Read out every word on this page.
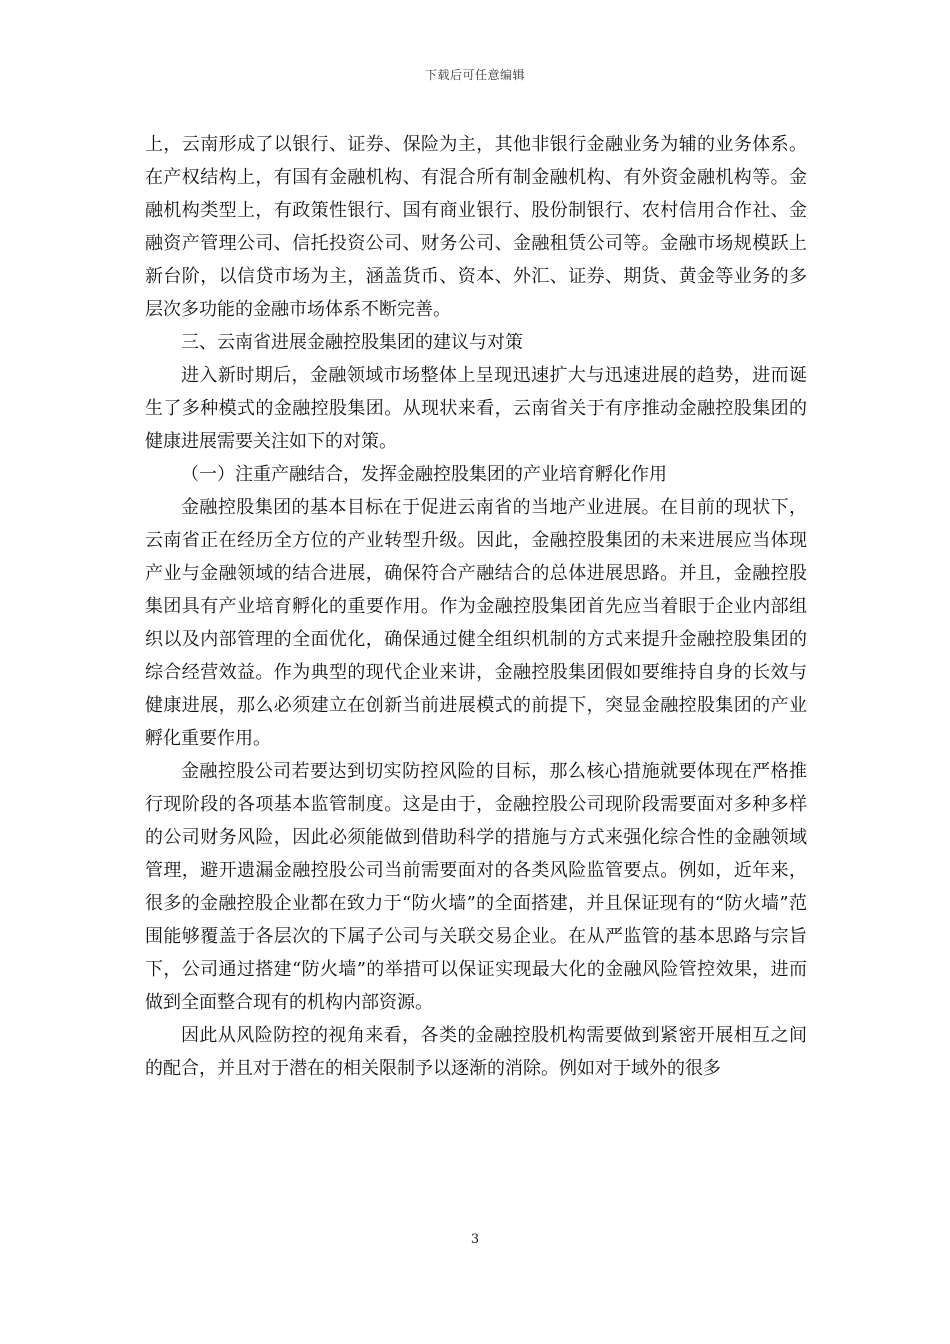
下载后可任意编辑

上，云南形成了以银行、证券、保险为主，其他非银行金融业务为辅的业务体系。在产权结构上，有国有金融机构、有混合所有制金融机构、有外资金融机构等。金融机构类型上，有政策性银行、国有商业银行、股份制银行、农村信用合作社、金融资产管理公司、信托投资公司、财务公司、金融租赁公司等。金融市场规模跃上新台阶，以信贷市场为主，涵盖货币、资本、外汇、证券、期货、黄金等业务的多层次多功能的金融市场体系不断完善。

三、云南省进展金融控股集团的建议与对策

进入新时期后，金融领域市场整体上呈现迅速扩大与迅速进展的趋势，进而诞生了多种模式的金融控股集团。从现状来看，云南省关于有序推动金融控股集团的健康进展需要关注如下的对策。

（一）注重产融结合，发挥金融控股集团的产业培育孵化作用

金融控股集团的基本目标在于促进云南省的当地产业进展。在目前的现状下，云南省正在经历全方位的产业转型升级。因此，金融控股集团的未来进展应当体现产业与金融领域的结合进展，确保符合产融结合的总体进展思路。并且，金融控股集团具有产业培育孵化的重要作用。作为金融控股集团首先应当着眼于企业内部组织以及内部管理的全面优化，确保通过健全组织机制的方式来提升金融控股集团的综合经营效益。作为典型的现代企业来讲，金融控股集团假如要维持自身的长效与健康进展，那么必须建立在创新当前进展模式的前提下，突显金融控股集团的产业孵化重要作用。

金融控股公司若要达到切实防控风险的目标，那么核心措施就要体现在严格推行现阶段的各项基本监管制度。这是由于，金融控股公司现阶段需要面对多种多样的公司财务风险，因此必须能做到借助科学的措施与方式来强化综合性的金融领域管理，避开遗漏金融控股公司当前需要面对的各类风险监管要点。例如，近年来，很多的金融控股企业都在致力于“防火墙”的全面搭建，并且保证现有的“防火墙”范围能够覆盖于各层次的下属子公司与关联交易企业。在从严监管的基本思路与宗旨下，公司通过搭建“防火墙”的举措可以保证实现最大化的金融风险管控效果，进而做到全面整合现有的机构内部资源。

因此从风险防控的视角来看，各类的金融控股机构需要做到紧密开展相互之间的配合，并且对于潜在的相关限制予以逐渐的消除。例如对于域外的很多

3
